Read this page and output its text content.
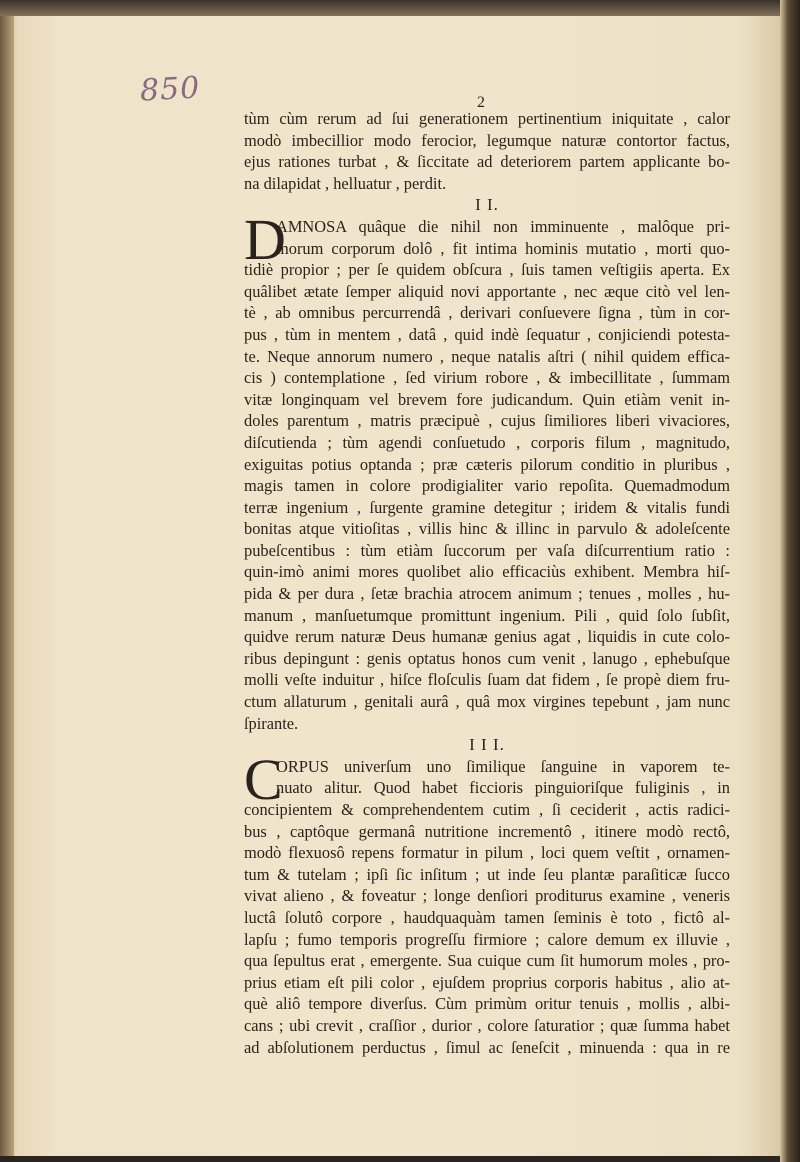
850	2
tùm cùm rerum ad ſui generationem pertinentium iniquitate , calor
modò imbecillior modo ferocior, legumque naturæ contortor factus,
ejus rationes turbat , & ſiccitate ad deteriorem partem applicante bo-
na dilapidat , helluatur , perdit.
I I.
D
AMNOSA quâque die nihil non imminuente , malôque pri-
morum corporum dolô , fit intima hominis mutatio , morti quo-
tidiè propior ; per ſe quidem obſcura , ſuis tamen veſtigiis aperta. Ex
quâlibet ætate ſemper aliquid novi apportante , nec æque citò vel len-
tè , ab omnibus percurrendâ , derivari conſuevere ſigna , tùm in cor-
pus , tùm in mentem , datâ , quid indè ſequatur , conjiciendi potesta-
te. Neque annorum numero , neque natalis aſtri ( nihil quidem effica-
cis ) contemplatione , ſed virium robore , & imbecillitate , ſummam
vitæ longinquam vel brevem fore judicandum. Quin etiàm venit in-
doles parentum , matris præcipuè , cujus ſimiliores liberi vivaciores,
diſcutienda ; tùm agendi conſuetudo , corporis filum , magnitudo,
exiguitas potius optanda ; præ cæteris pilorum conditio in pluribus ,
magis tamen in colore prodigialiter vario repoſita. Quemadmodum
terræ ingenium , ſurgente gramine detegitur ; iridem & vitalis fundi
bonitas atque vitioſitas , villis hinc & illinc in parvulo & adoleſcente
pubeſcentibus : tùm etiàm ſuccorum per vaſa diſcurrentium ratio :
quin-imò animi mores quolibet alio efficaciùs exhibent. Membra hiſ-
pida & per dura , ſetæ brachia atrocem animum ; tenues , molles , hu-
manum , manſuetumque promittunt ingenium. Pili , quid ſolo ſubſit,
quidve rerum naturæ Deus humanæ genius agat , liquidis in cute colo-
ribus depingunt : genis optatus honos cum venit , lanugo , ephebuſque
molli veſte induitur , hiſce floſculis ſuam dat fidem , ſe propè diem fru-
ctum allaturum , genitali aurâ , quâ mox virgines tepebunt , jam nunc
ſpirante.
I I I.
C
ORPUS univerſum uno ſimilique ſanguine in vaporem te-
nuato alitur. Quod habet ficcioris pinguioriſque fuliginis , in
concipientem & comprehendentem cutim , ſi ceciderit , actis radici-
bus , captôque germanâ nutritione incrementô , itinere modò rectô,
modò flexuosô repens formatur in pilum , loci quem veſtit , ornamen-
tum & tutelam ; ipſi ſic inſitum ; ut inde ſeu plantæ paraſiticæ ſucco
vivat alieno , & foveatur ; longe denſiori proditurus examine , veneris
luctâ ſolutô corpore , haudquaquàm tamen ſeminis è toto , fictô al-
lapſu ; fumo temporis progreſſu firmiore ; calore demum ex illuvie ,
qua ſepultus erat , emergente. Sua cuique cum ſit humorum moles , pro-
prius etiam eſt pili color , ejuſdem proprius corporis habitus , alio at-
què aliô tempore diverſus. Cùm primùm oritur tenuis , mollis , albi-
cans ; ubi crevit , craſſior , durior , colore ſaturatior ; quæ ſumma habet
ad abſolutionem perductus , ſimul ac ſeneſcit , minuenda : qua in re
